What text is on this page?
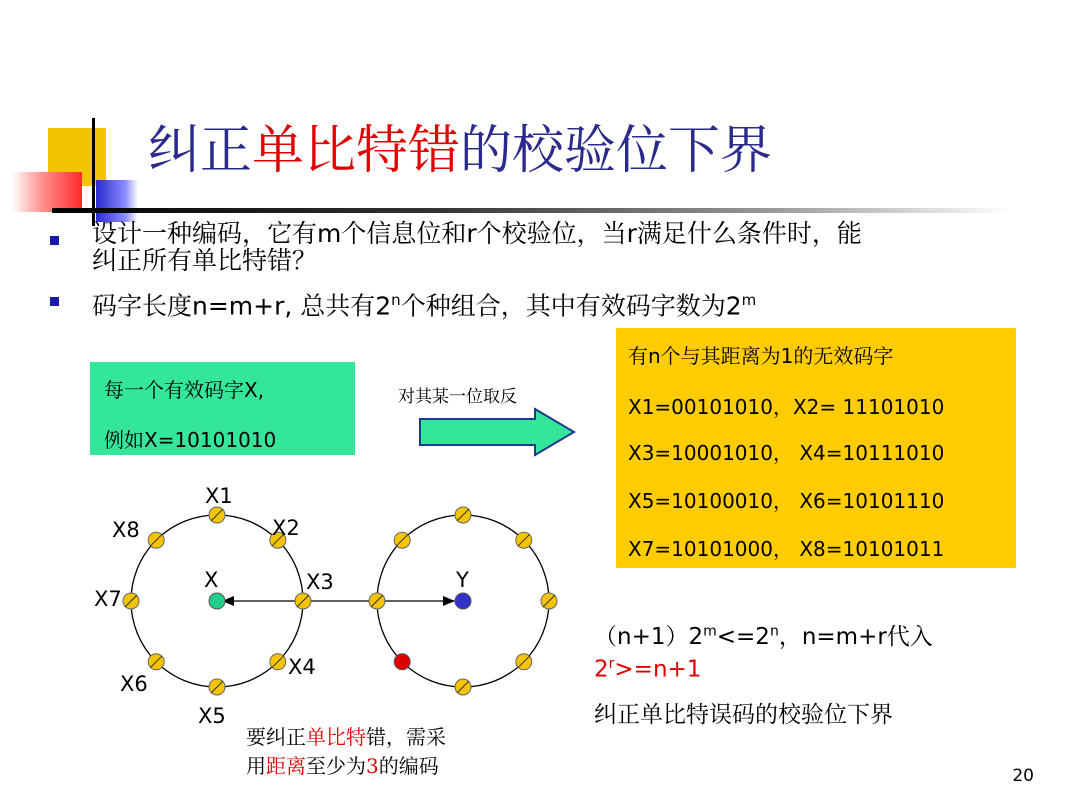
纠正单比特错的校验位下界
设计一种编码，它有m个信息位和r个校验位，当r满足什么条件时，能
纠正所有单比特错？
码字长度n=m+r, 总共有2$^n$个种组合，其中有效码字数为2$^m$
每一个有效码字X,
例如X=10101010
对其某一位取反
有n个与其距离为1的无效码字
X1=00101010，X2= 11101010
X3=10001010， X4=10111010
X5=10100010， X6=10101110
X7=10101000， X8=10101011
X1
X2
X3
X4
X5
X6
X7
X8
X	Y
要纠正单比特错，需采
用距离至少为3的编码
$(n+1)2^m<=2^n$，n=m+r代入
$2^r>=n+1$
纠正单比特误码的校验位下界
20
